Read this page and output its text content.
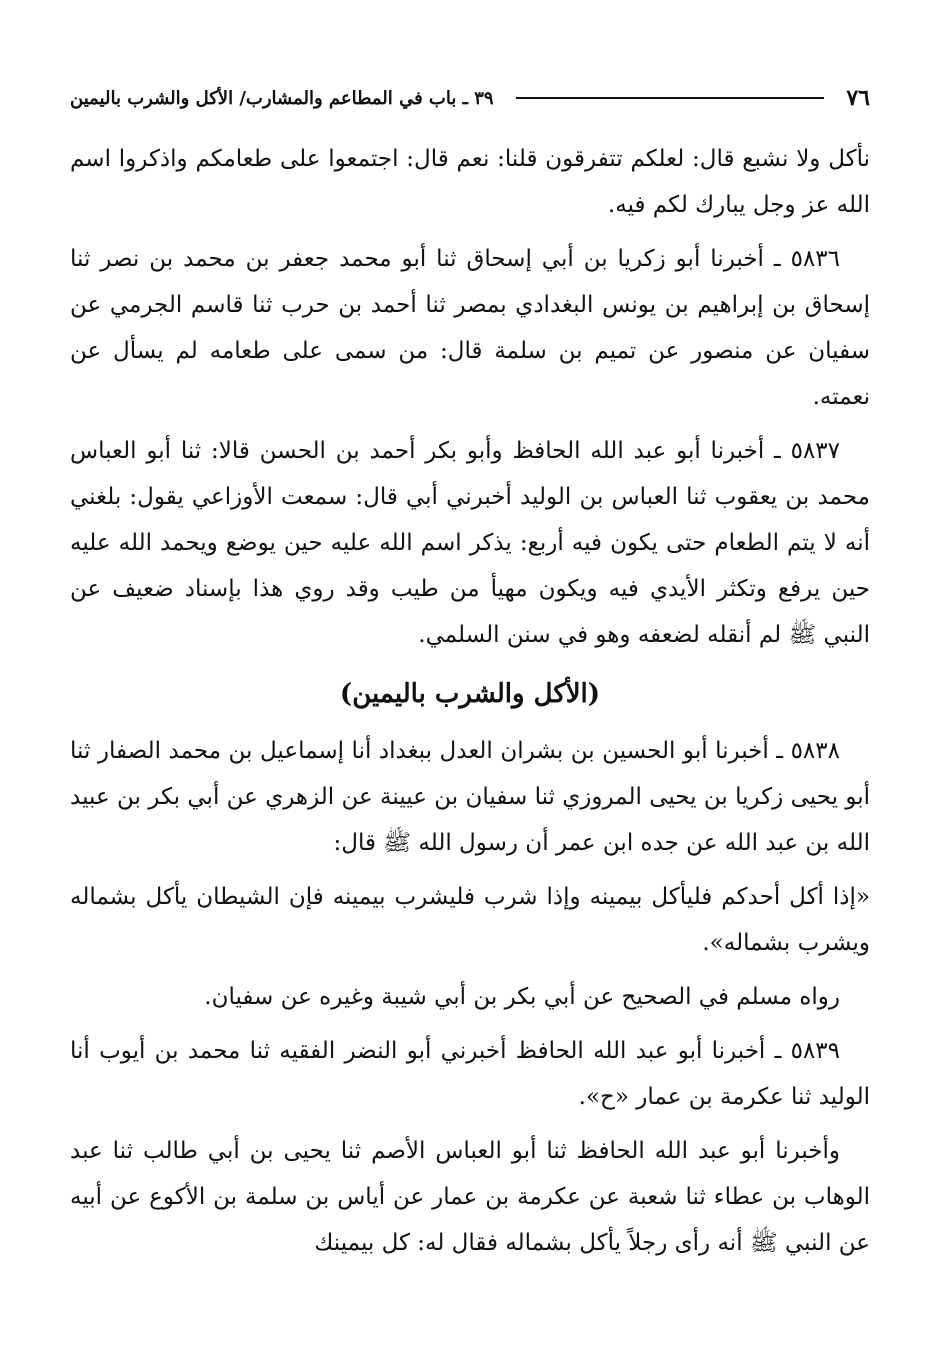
٧٦
٣٩ ـ باب في المطاعم والمشارب/ الأكل والشرب باليمين

نأكل ولا نشبع قال: لعلكم تتفرقون قلنا: نعم قال: اجتمعوا على طعامكم واذكروا اسم الله عز وجل يبارك لكم فيه.

٥٨٣٦ ـ أخبرنا أبو زكريا بن أبي إسحاق ثنا أبو محمد جعفر بن محمد بن نصر ثنا إسحاق بن إبراهيم بن يونس البغدادي بمصر ثنا أحمد بن حرب ثنا قاسم الجرمي عن سفيان عن منصور عن تميم بن سلمة قال: من سمى على طعامه لم يسأل عن نعمته.

٥٨٣٧ ـ أخبرنا أبو عبد الله الحافظ وأبو بكر أحمد بن الحسن قالا: ثنا أبو العباس محمد بن يعقوب ثنا العباس بن الوليد أخبرني أبي قال: سمعت الأوزاعي يقول: بلغني أنه لا يتم الطعام حتى يكون فيه أربع: يذكر اسم الله عليه حين يوضع ويحمد الله عليه حين يرفع وتكثر الأيدي فيه ويكون مهيأ من طيب وقد روي هذا بإسناد ضعيف عن النبي ﷺ لم أنقله لضعفه وهو في سنن السلمي.

(الأكل والشرب باليمين)

٥٨٣٨ ـ أخبرنا أبو الحسين بن بشران العدل ببغداد أنا إسماعيل بن محمد الصفار ثنا أبو يحيى زكريا بن يحيى المروزي ثنا سفيان بن عيينة عن الزهري عن أبي بكر بن عبيد الله بن عبد الله عن جده ابن عمر أن رسول الله ﷺ قال:

«إذا أكل أحدكم فليأكل بيمينه وإذا شرب فليشرب بيمينه فإن الشيطان يأكل بشماله ويشرب بشماله».

رواه مسلم في الصحيح عن أبي بكر بن أبي شيبة وغيره عن سفيان.

٥٨٣٩ ـ أخبرنا أبو عبد الله الحافظ أخبرني أبو النضر الفقيه ثنا محمد بن أيوب أنا الوليد ثنا عكرمة بن عمار «ح».

وأخبرنا أبو عبد الله الحافظ ثنا أبو العباس الأصم ثنا يحيى بن أبي طالب ثنا عبد الوهاب بن عطاء ثنا شعبة عن عكرمة بن عمار عن أياس بن سلمة بن الأكوع عن أبيه عن النبي ﷺ أنه رأى رجلاً يأكل بشماله فقال له: كل بيمينك
